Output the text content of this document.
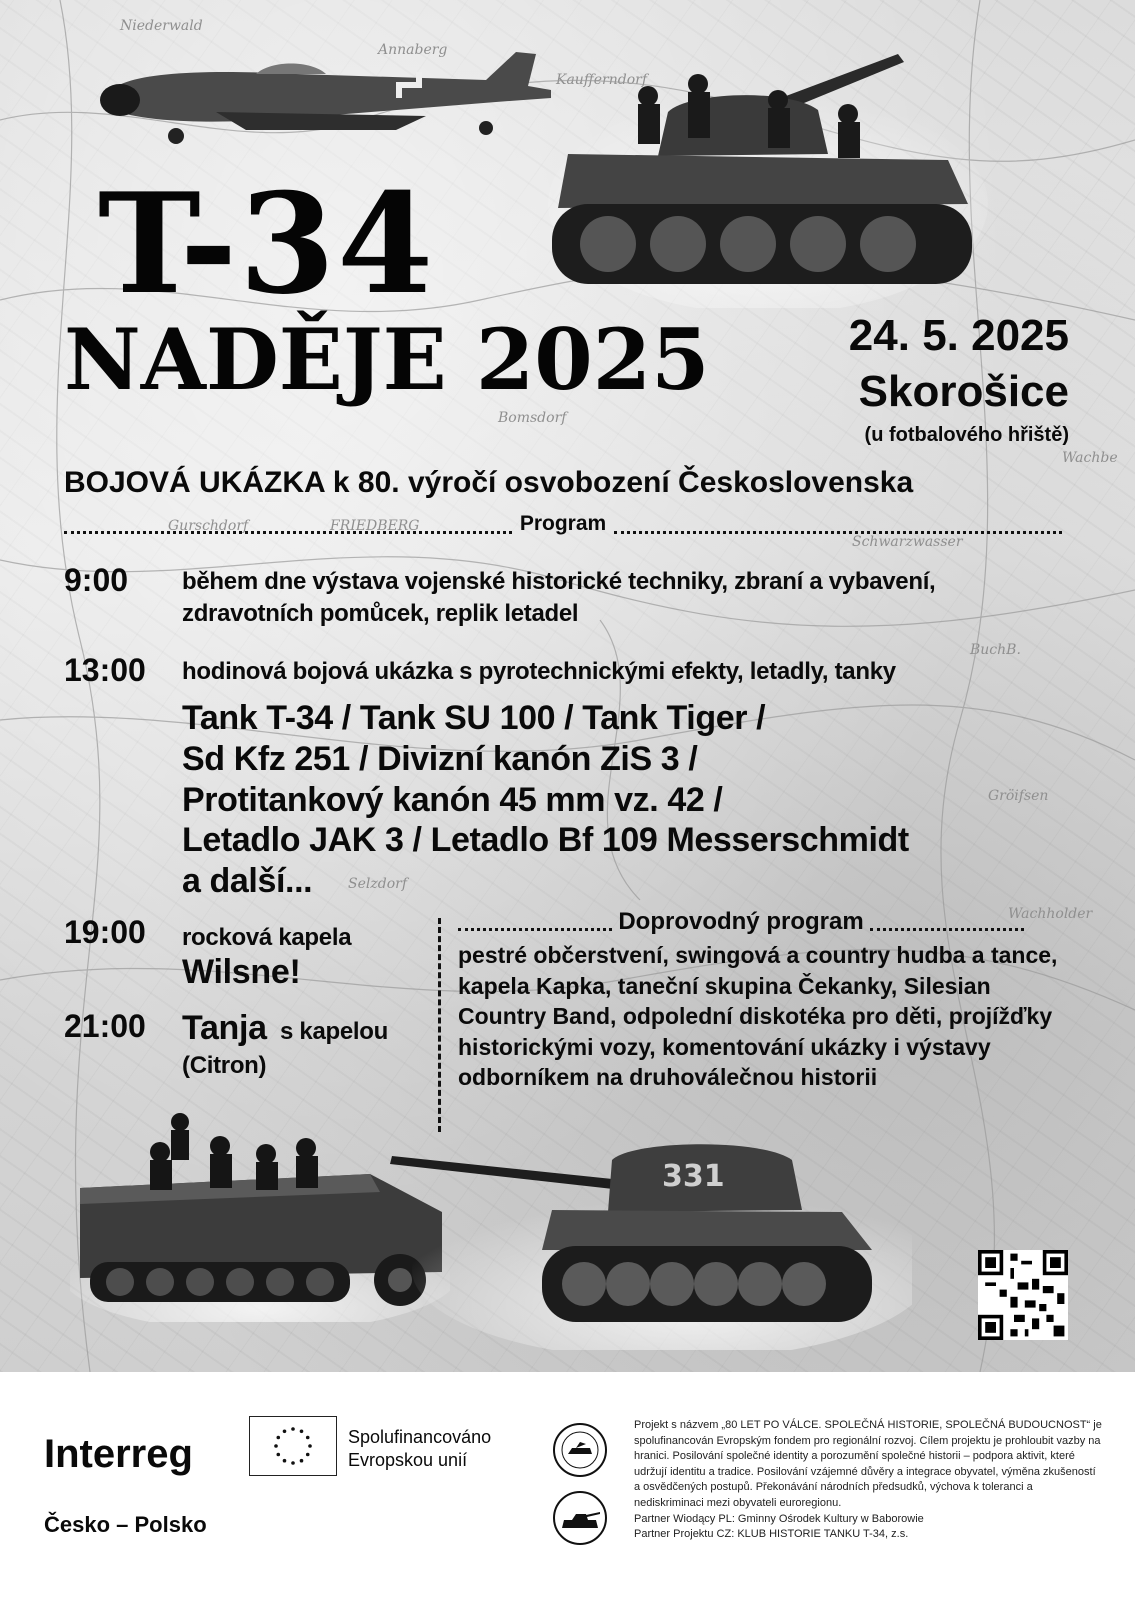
Niederwald
Annaberg
Kaufferndorf
Bomsdorf
Gurschdorf	FRIEDBERG
Schwarzwasser
BuchB.
Gröifsen
Selzdorf
Wachholder
Wachbe
T-34
NADĚJE 2025	24. 5. 2025
Skorošice
(u fotbalového hřiště)
BOJOVÁ UKÁZKA k 80. výročí osvobození Československa
Program
9:00 během dne výstava vojenské historické techniky, zbraní a vybavení, zdravotních pomůcek, replik letadel
13:00 hodinová bojová ukázka s pyrotechnickými efekty, letadly, tanky
Tank T-34 / Tank SU 100 / Tank Tiger /
Sd Kfz 251 / Divizní kanón ZiS 3 /
Protitankový kanón 45 mm vz. 42 /
Letadlo JAK 3 / Letadlo Bf 109 Messerschmidt
a další...
19:00 rocková kapela
Wilsne!
21:00 Tanja s kapelou
(Citron)
Doprovodný program
pestré občerstvení, swingová a country hudba a tance, kapela Kapka, taneční skupina Čekanky, Silesian Country Band, odpolední diskotéka pro děti, projížďky historickými vozy, komentování ukázky i výstavy odborníkem na druhoválečnou historii
331
Interreg
Česko – Polsko
Spolufinancováno
Evropskou unií

Projekt s názvem „80 LET PO VÁLCE. SPOLEČNÁ HISTORIE, SPOLEČNÁ BUDOUCNOST“ je spolufinancován Evropským fondem pro regionální rozvoj. Cílem projektu je prohloubit vazby na hranici. Posilování společné identity a porozumění společné historii – podpora aktivit, které udržují identitu a tradice. Posilování vzájemné důvěry a integrace obyvatel, výměna zkušeností a osvědčených postupů. Překonávání národních předsudků, výchova k toleranci a nediskriminaci mezi obyvateli euroregionu.

Partner Wiodący PL: Gminny Ośrodek Kultury w Baborowie

Partner Projektu CZ: KLUB HISTORIE TANKU T-34, z.s.
